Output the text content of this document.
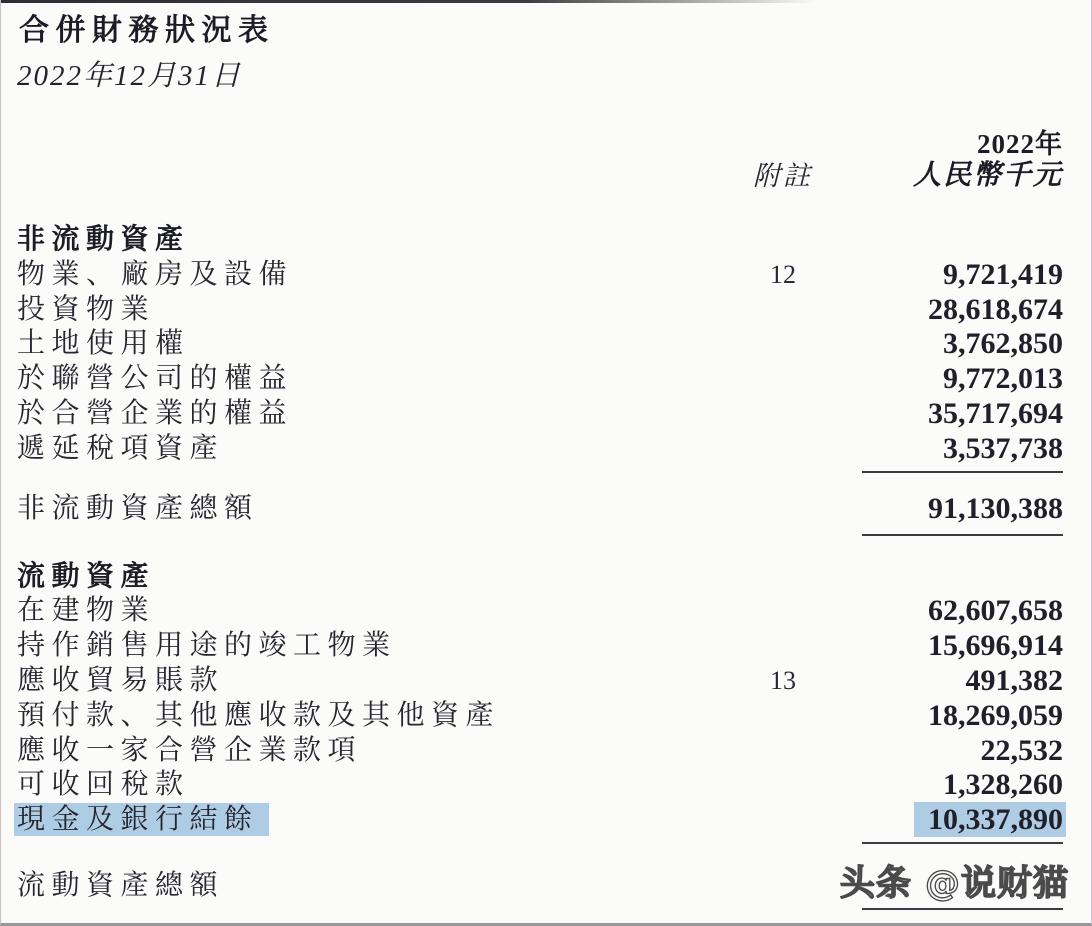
合併財務狀況表
2022年12月31日
2022年
附註	人民幣千元
非流動資產
物業、廠房及設備	12	9,721,419
投資物業	28,618,674
土地使用權	3,762,850
於聯營公司的權益	9,772,013
於合營企業的權益	35,717,694
遞延稅項資產	3,537,738
非流動資產總額	91,130,388
流動資產
在建物業	62,607,658
持作銷售用途的竣工物業	15,696,914
應收貿易賬款	13	491,382
預付款、其他應收款及其他資產	18,269,059
應收一家合營企業款項	22,532
可收回稅款	1,328,260
現金及銀行結餘	10,337,890
流動資產總額	头条 @说财猫
